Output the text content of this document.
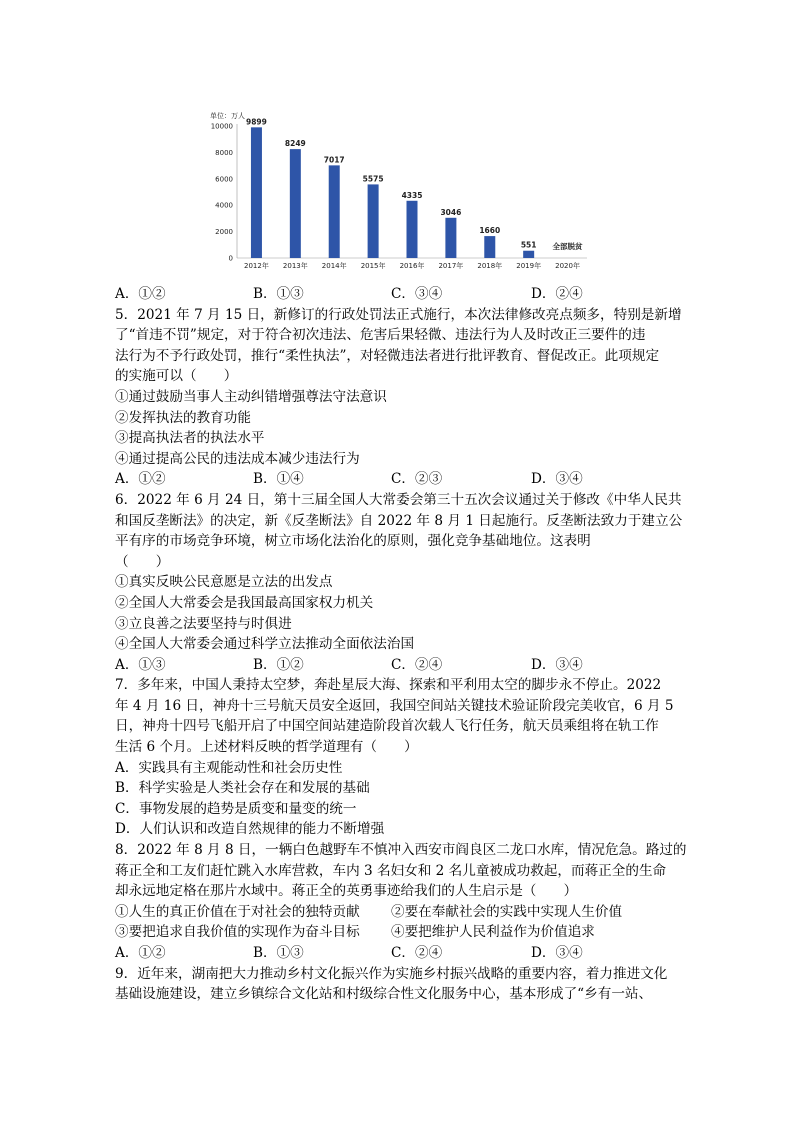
单位：万人
10000
8000
6000
4000
2000
0
9899
8249
7017
5575
4335
3046
1660
551 全部脱贫
2012年 2013年 2014年 2015年 2016年 2017年 2018年 2019年 2020年
A．①②	B．①③	C．③④	D．②④
5．2021 年 7 月 15 日，新修订的行政处罚法正式施行，本次法律修改亮点频多，特别是新增
了“首违不罚”规定，对于符合初次违法、危害后果轻微、违法行为人及时改正三要件的违
法行为不予行政处罚，推行“柔性执法”，对轻微违法者进行批评教育、督促改正。此项规定
的实施可以（　　）
①通过鼓励当事人主动纠错增强尊法守法意识
②发挥执法的教育功能
③提高执法者的执法水平
④通过提高公民的违法成本减少违法行为
A．①②	B．①④	C．②③	D．③④
6．2022 年 6 月 24 日，第十三届全国人大常委会第三十五次会议通过关于修改《中华人民共
和国反垄断法》的决定，新《反垄断法》自 2022 年 8 月 1 日起施行。反垄断法致力于建立公
平有序的市场竞争环境，树立市场化法治化的原则，强化竞争基础地位。这表明
（　　）
①真实反映公民意愿是立法的出发点
②全国人大常委会是我国最高国家权力机关
③立良善之法要坚持与时俱进
④全国人大常委会通过科学立法推动全面依法治国
A．①③	B．①②	C．②④	D．③④
7．多年来，中国人秉持太空梦，奔赴星辰大海、探索和平利用太空的脚步永不停止。2022
年 4 月 16 日，神舟十三号航天员安全返回，我国空间站关键技术验证阶段完美收官，6 月 5
日，神舟十四号飞船开启了中国空间站建造阶段首次载人飞行任务，航天员乘组将在轨工作
生活 6 个月。上述材料反映的哲学道理有（　　）
A．实践具有主观能动性和社会历史性
B．科学实验是人类社会存在和发展的基础
C．事物发展的趋势是质变和量变的统一
D．人们认识和改造自然规律的能力不断增强
8．2022 年 8 月 8 日，一辆白色越野车不慎冲入西安市阎良区二龙口水库，情况危急。路过的
蒋正全和工友们赶忙跳入水库营救，车内 3 名妇女和 2 名儿童被成功救起，而蒋正全的生命
却永远地定格在那片水域中。蒋正全的英勇事迹给我们的人生启示是（　　）
①人生的真正价值在于对社会的独特贡献	②要在奉献社会的实践中实现人生价值
③要把追求自我价值的实现作为奋斗目标	④要把维护人民利益作为价值追求
A．①②	B．①③	C．②④	D．③④
9．近年来，湖南把大力推动乡村文化振兴作为实施乡村振兴战略的重要内容，着力推进文化
基础设施建设，建立乡镇综合文化站和村级综合性文化服务中心，基本形成了“乡有一站、
